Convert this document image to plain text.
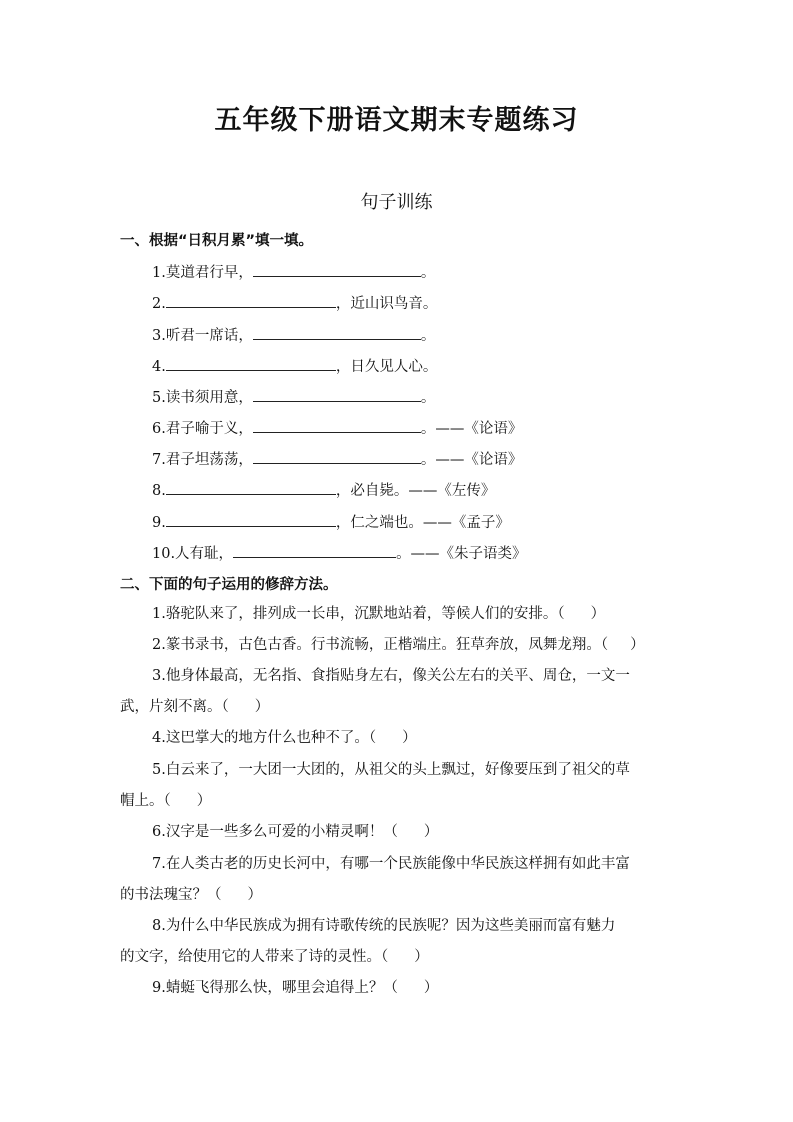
五年级下册语文期末专题练习
句子训练
一、根据“日积月累”填一填。
1.莫道君行早，	。
2.	，近山识鸟音。
3.听君一席话，	。
4.	，日久见人心。
5.读书须用意，	。
6.君子喻于义，	。——《论语》
7.君子坦荡荡，	。——《论语》
8.	，必自毙。——《左传》
9.	，仁之端也。——《孟子》
10.人有耻，	。——《朱子语类》
二、下面的句子运用的修辞方法。
1.骆驼队来了，排列成一长串，沉默地站着，等候人们的安排。（ ）
2.篆书录书，古色古香。行书流畅，正楷端庄。狂草奔放，凤舞龙翔。（ ）
3.他身体最高，无名指、食指贴身左右，像关公左右的关平、周仓，一文一
武，片刻不离。（ ）
4.这巴掌大的地方什么也种不了。（ ）
5.白云来了，一大团一大团的，从祖父的头上飘过，好像要压到了祖父的草
帽上。（ ）
6.汉字是一些多么可爱的小精灵啊！（ ）
7.在人类古老的历史长河中，有哪一个民族能像中华民族这样拥有如此丰富
的书法瑰宝？（ ）
8.为什么中华民族成为拥有诗歌传统的民族呢？因为这些美丽而富有魅力
的文字，给使用它的人带来了诗的灵性。（ ）
9.蜻蜓飞得那么快，哪里会追得上？（ ）
